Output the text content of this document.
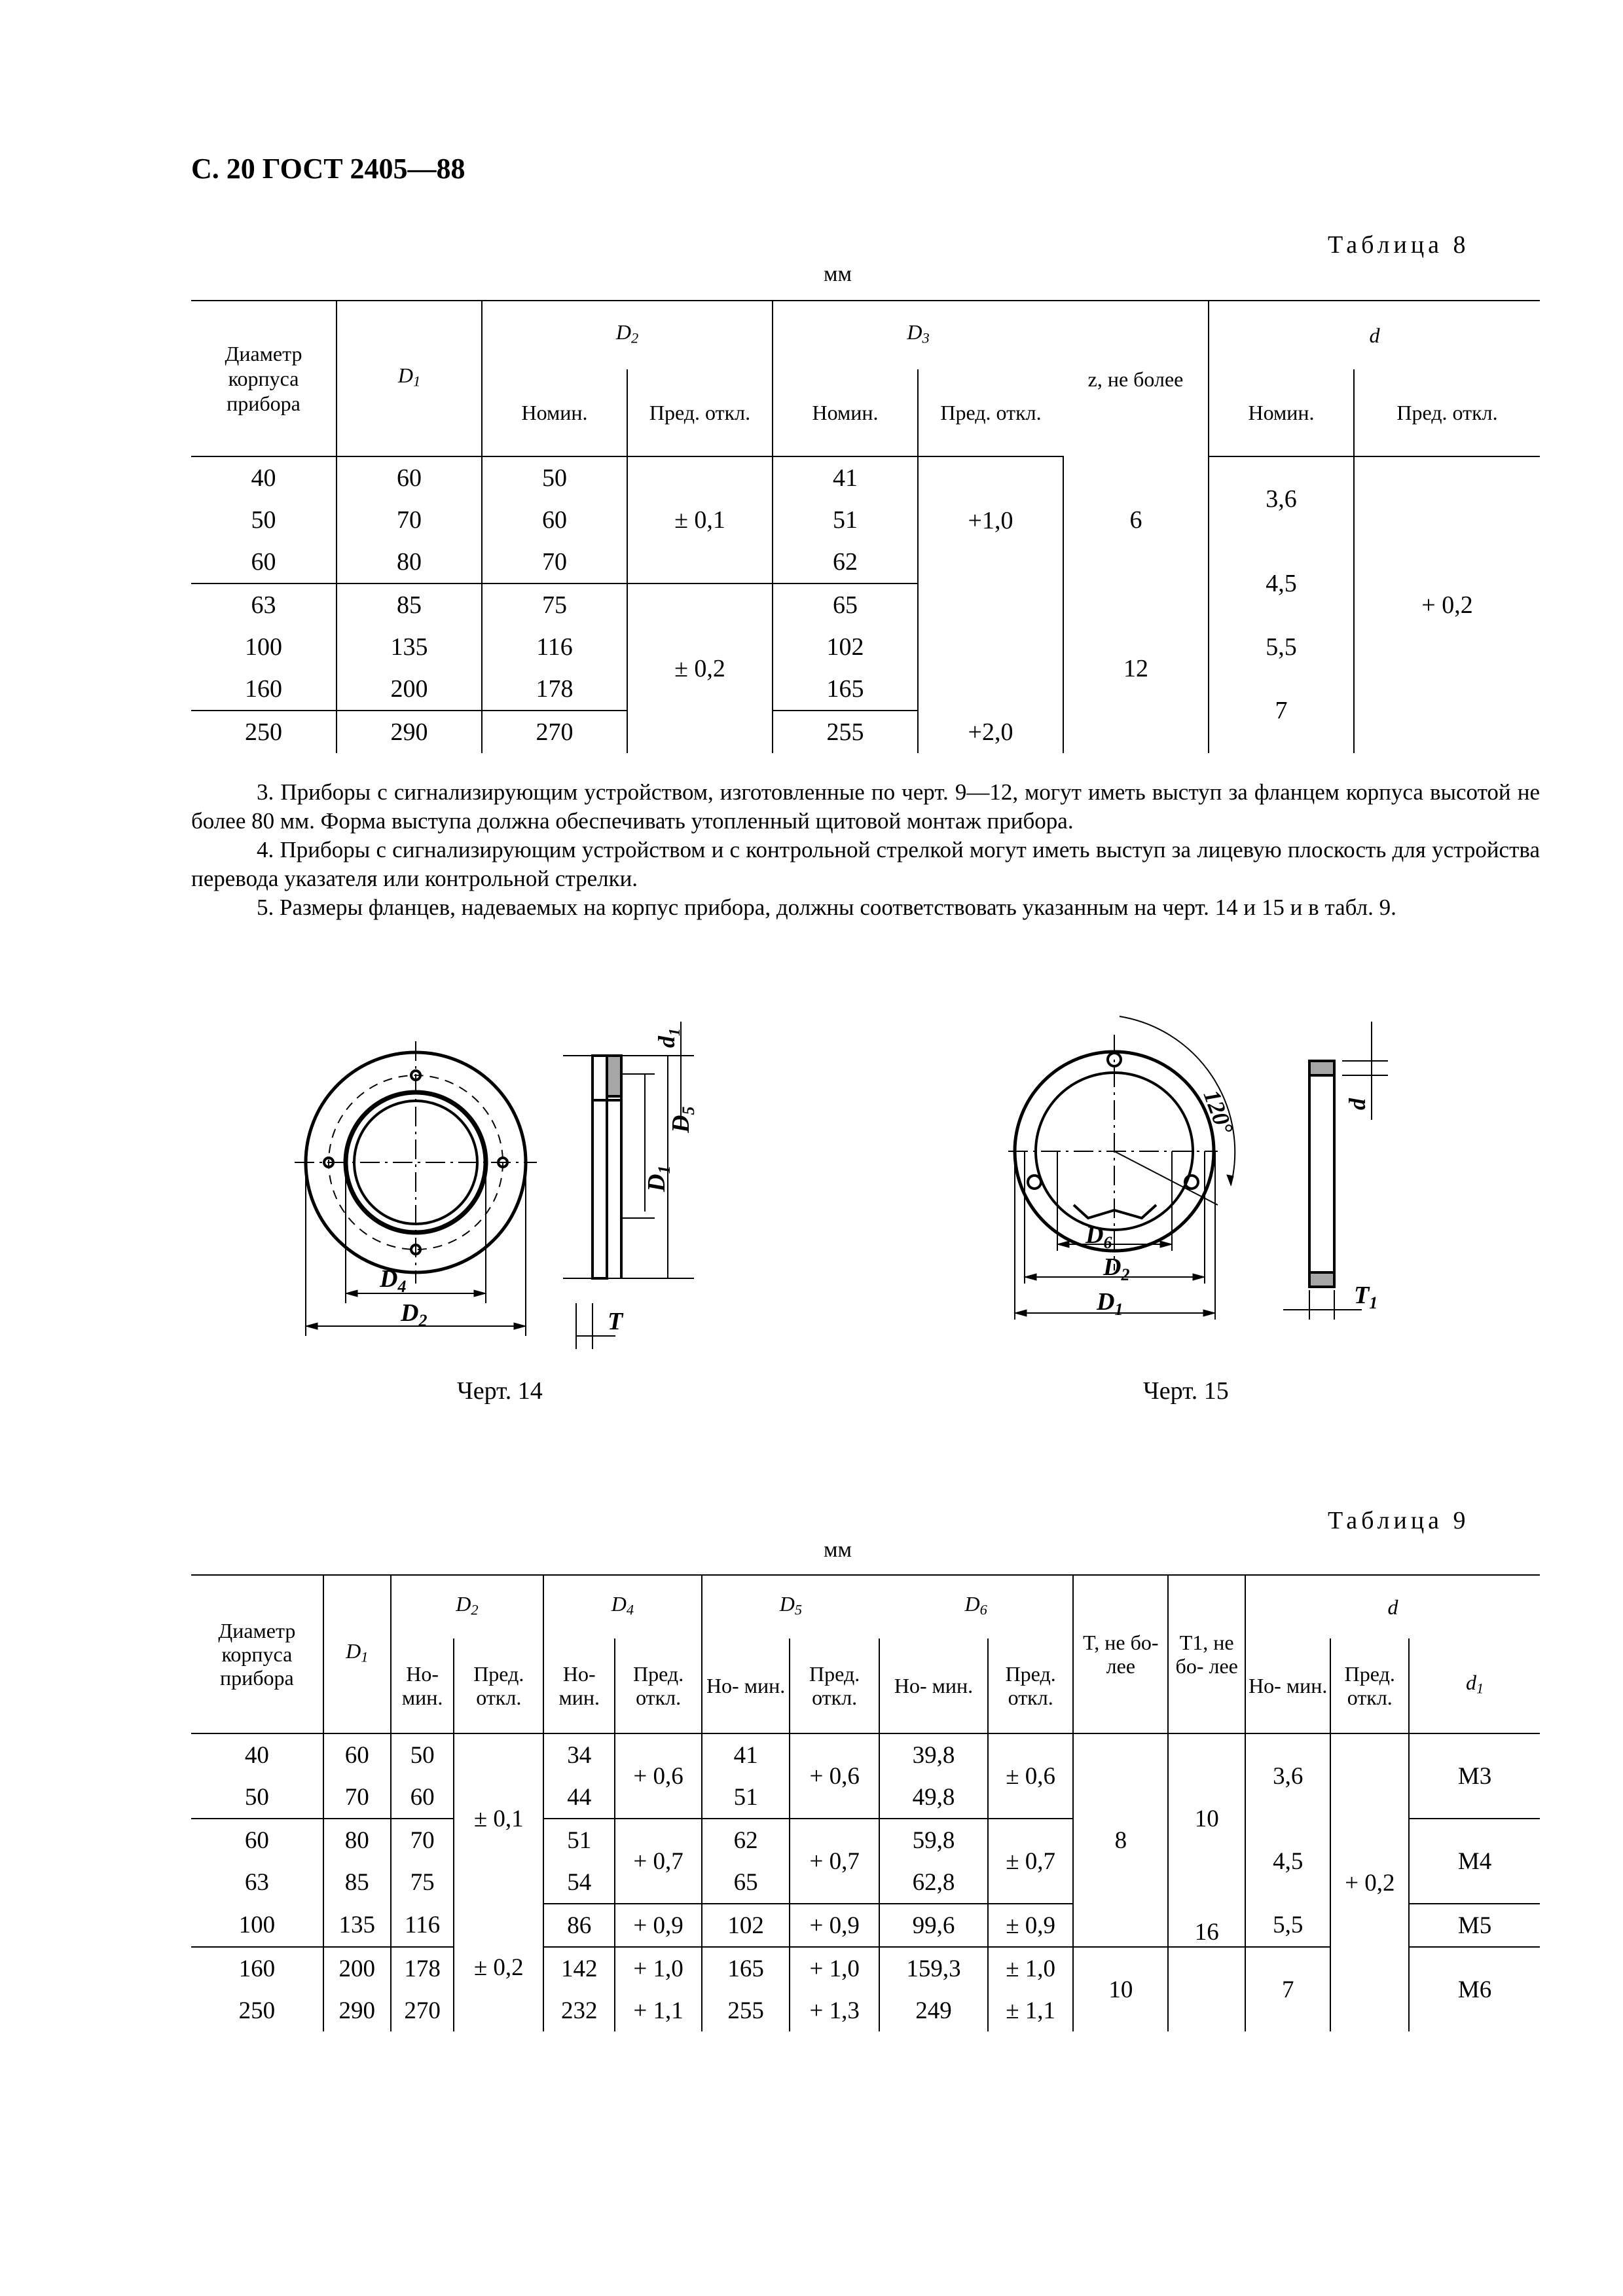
С. 20 ГОСТ 2405—88
Таблица 8
мм
Диаметр корпуса прибора	$D_1$	$D_2$		$D_3$		z, не более	d	
		Номин.	Пред. откл.	Номин.	Пред. откл.		Номин.	Пред. откл.
40	60	50	± 0,1	41	+1,0	6	3,6	+ 0,2
50	70	60		51				
60	80	70		62			4,5	
63	85	75	± 0,2	65	+2,0	12		
100	135	116		102			5,5	
160	200	178		165			7	
250	290	270		255				

3. Приборы с сигнализирующим устройством, изготовленные по черт. 9—12, могут иметь выступ за фланцем корпуса высотой не более 80 мм. Форма выступа должна обеспечивать утопленный щитовой монтаж прибора.

4. Приборы с сигнализирующим устройством и с контрольной стрелкой могут иметь выступ за лицевую плоскость для устройства перевода указателя или контрольной стрелки.

5. Размеры фланцев, надеваемых на корпус прибора, должны соответствовать указанным на черт. 14 и 15 и в табл. 9.

$D_4$
$D_2$
$D_5$
$D_1$
$d_1$
T
Черт. 14
120°
$D_6$
$D_2$
$D_1$
d
$T_1$
Черт. 15
Таблица 9
мм
Диаметр корпуса прибора	$D_1$	$D_2$		$D_4$		$D_5$		$D_6$		T, не бо- лее	T1, не бо- лее	d		
		Но- мин.	Пред. откл.	Но- мин.	Пред. откл.	Но- мин.	Пред. откл.	Но- мин.	Пред. откл.			Но- мин.	Пред. откл.	$d_1$
40	60	50	± 0,1	34	+ 0,6	41	+ 0,6	39,8	± 0,6	8	10	3,6	+ 0,2	M3
50	70	60		44		51		49,8						
60	80	70		51	+ 0,7	62	+ 0,7	59,8	± 0,7			4,5		M4
63	85	75		54		65		62,8						
100	135	116	± 0,2	86	+ 0,9	102	+ 0,9	99,6	± 0,9		16	5,5		M5
160	200	178		142	+ 1,0	165	+ 1,0	159,3	± 1,0	10		7		M6
250	290	270		232	+ 1,1	255	+ 1,3	249	± 1,1					
